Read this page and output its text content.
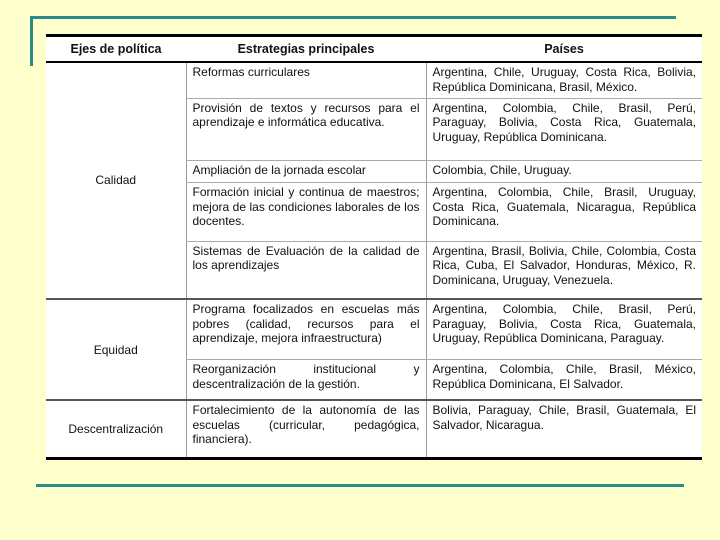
Ejes de política	Estrategias principales	Países
Calidad	Reformas curriculares	Argentina, Chile, Uruguay, Costa Rica, Bolivia, República Dominicana, Brasil, México.
	Provisión de textos y recursos para el aprendizaje e informática educativa.	Argentina, Colombia, Chile, Brasil, Perú, Paraguay, Bolivia, Costa Rica, Guatemala, Uruguay, República Dominicana.
	Ampliación de la jornada escolar	Colombia, Chile, Uruguay.
	Formación inicial y continua de maestros; mejora de las condiciones laborales de los docentes.	Argentina, Colombia, Chile, Brasil, Uruguay, Costa Rica, Guatemala, Nicaragua, República Dominicana.
	Sistemas de Evaluación de la calidad de los aprendizajes	Argentina, Brasil, Bolivia, Chile, Colombia, Costa Rica, Cuba, El Salvador, Honduras, México, R. Dominicana, Uruguay, Venezuela.
Equidad	Programa focalizados en escuelas más pobres (calidad, recursos para el aprendizaje, mejora infraestructura)	Argentina, Colombia, Chile, Brasil, Perú, Paraguay, Bolivia, Costa Rica, Guatemala, Uruguay, República Dominicana, Paraguay.
	Reorganización institucional y descentralización de la gestión.	Argentina, Colombia, Chile, Brasil, México, República Dominicana, El Salvador.
Descentralización	Fortalecimiento de la autonomía de las escuelas (curricular, pedagógica, financiera).	Bolivia, Paraguay, Chile, Brasil, Guatemala, El Salvador, Nicaragua.
